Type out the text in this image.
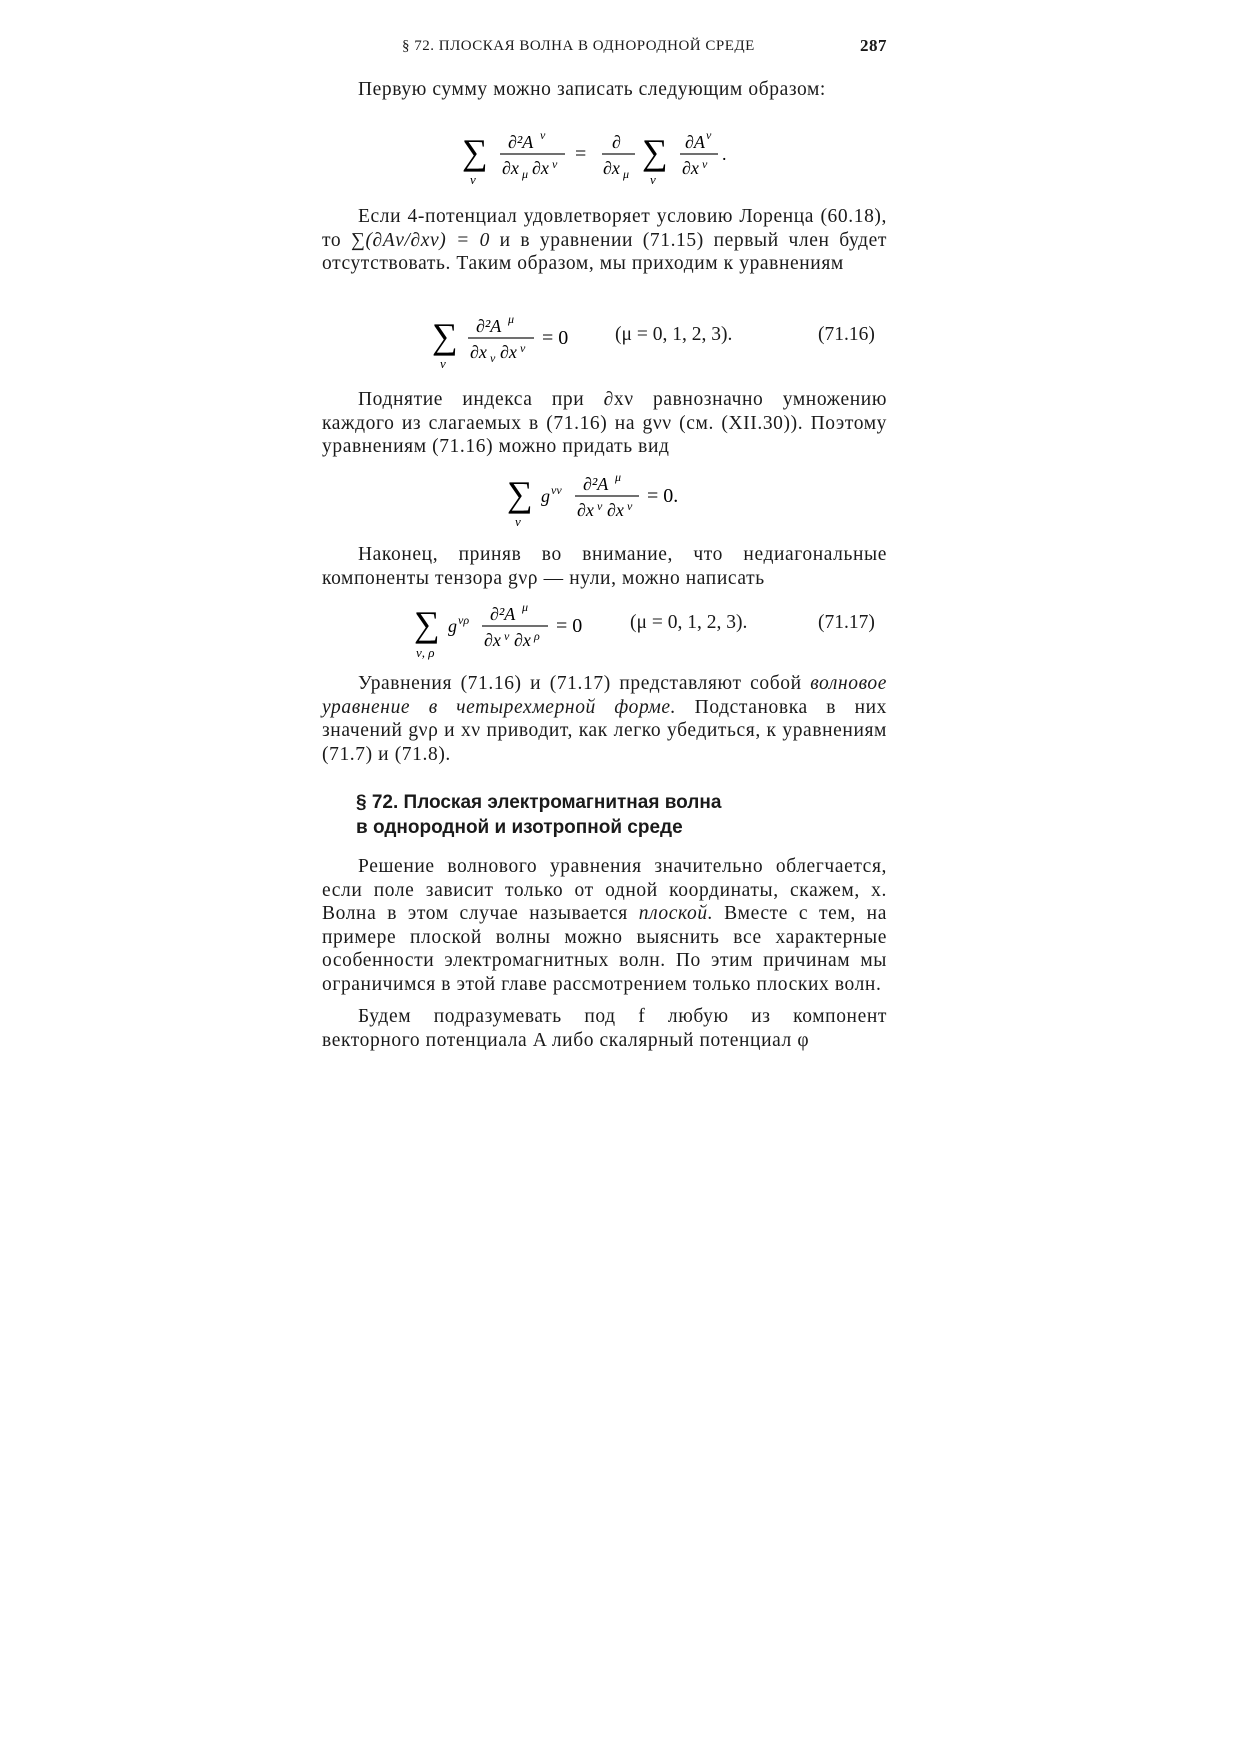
§ 72. ПЛОСКАЯ ВОЛНА В ОДНОРОДНОЙ СРЕДЕ	287

Первую сумму можно записать следующим образом:

∑
ν
∂²A ν
∂x μ ∂x ν =
∂
∂x μ
∑
ν
∂A ν
∂x ν .

Если 4-потенциал удовлетворяет условию Лоренца (60.18), то ∑(∂Aν/∂xν) = 0 и в уравнении (71.15) первый член будет отсутствовать. Таким образом, мы приходим к уравнениям

∑
ν
∂²A μ
∂x ν ∂x ν = 0 (μ = 0, 1, 2, 3).	(71.16)

Поднятие индекса при ∂xν равнозначно умножению каждого из слагаемых в (71.16) на gνν (см. (XII.30)). Поэтому уравнениям (71.16) можно придать вид

∑
ν
g νν ∂²A μ
∂x ν ∂x ν = 0.

Наконец, приняв во внимание, что недиагональные компоненты тензора gνρ — нули, можно написать

∑
ν, ρ
g νρ ∂²A μ
∂x ν ∂x ρ = 0 (μ = 0, 1, 2, 3).	(71.17)

Уравнения (71.16) и (71.17) представляют собой волновое уравнение в четырехмерной форме. Подстановка в них значений gνρ и xν приводит, как легко убедиться, к уравнениям (71.7) и (71.8).

§ 72. Плоская электромагнитная волна
в однородной и изотропной среде

Решение волнового уравнения значительно облегчается, если поле зависит только от одной координаты, скажем, x. Волна в этом случае называется плоской. Вместе с тем, на примере плоской волны можно выяснить все характерные особенности электромагнитных волн. По этим причинам мы ограничимся в этой главе рассмотрением только плоских волн.

Будем подразумевать под f любую из компонент векторного потенциала A либо скалярный потенциал φ
